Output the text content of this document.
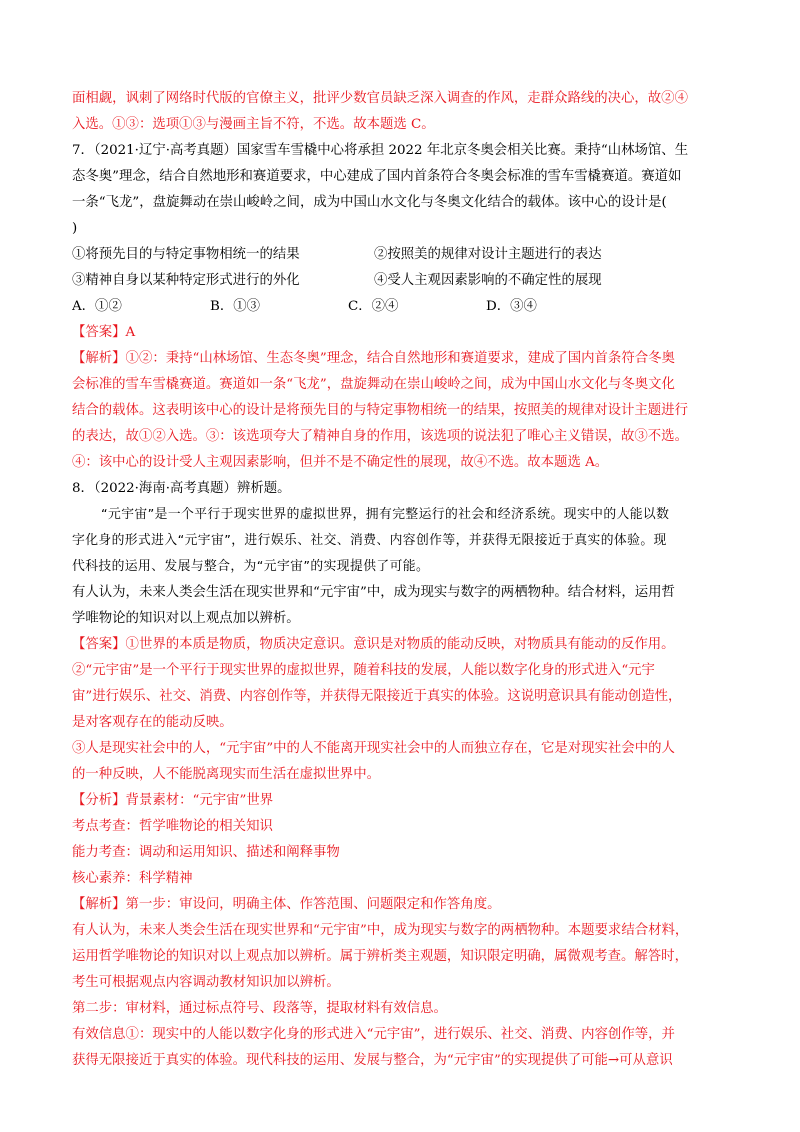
面相觑，讽刺了网络时代版的官僚主义，批评少数官员缺乏深入调查的作风，走群众路线的决心，故②④
入选。①③：选项①③与漫画主旨不符，不选。故本题选 C。
7．（2021·辽宁·高考真题）国家雪车雪橇中心将承担 2022 年北京冬奥会相关比赛。秉持“山林场馆、生
态冬奥”理念，结合自然地形和赛道要求，中心建成了国内首条符合冬奥会标准的雪车雪橇赛道。赛道如
一条“飞龙”，盘旋舞动在崇山峻岭之间，成为中国山水文化与冬奥文化结合的载体。该中心的设计是(
)
①将预先目的与特定事物相统一的结果	②按照美的规律对设计主题进行的表达
③精神自身以某种特定形式进行的外化	④受人主观因素影响的不确定性的展现
A．①②	B．①③	C．②④	D．③④
【答案】A
【解析】①②：秉持“山林场馆、生态冬奥”理念，结合自然地形和赛道要求，建成了国内首条符合冬奥
会标准的雪车雪橇赛道。赛道如一条“飞龙”，盘旋舞动在崇山峻岭之间，成为中国山水文化与冬奥文化
结合的载体。这表明该中心的设计是将预先目的与特定事物相统一的结果，按照美的规律对设计主题进行
的表达，故①②入选。③：该选项夸大了精神自身的作用，该选项的说法犯了唯心主义错误，故③不选。
④：该中心的设计受人主观因素影响，但并不是不确定性的展现，故④不选。故本题选 A。
8．（2022·海南·高考真题）辨析题。
“元宇宙”是一个平行于现实世界的虚拟世界，拥有完整运行的社会和经济系统。现实中的人能以数
字化身的形式进入“元宇宙”，进行娱乐、社交、消费、内容创作等，并获得无限接近于真实的体验。现
代科技的运用、发展与整合，为“元宇宙”的实现提供了可能。
有人认为，未来人类会生活在现实世界和“元宇宙”中，成为现实与数字的两栖物种。结合材料，运用哲
学唯物论的知识对以上观点加以辨析。
【答案】①世界的本质是物质，物质决定意识。意识是对物质的能动反映，对物质具有能动的反作用。
②“元宇宙”是一个平行于现实世界的虚拟世界，随着科技的发展，人能以数字化身的形式进入“元宇
宙”进行娱乐、社交、消费、内容创作等，并获得无限接近于真实的体验。这说明意识具有能动创造性，
是对客观存在的能动反映。
③人是现实社会中的人，“元宇宙”中的人不能离开现实社会中的人而独立存在，它是对现实社会中的人
的一种反映，人不能脱离现实而生活在虚拟世界中。
【分析】背景素材：“元宇宙”世界
考点考查：哲学唯物论的相关知识
能力考查：调动和运用知识、描述和阐释事物
核心素养：科学精神
【解析】第一步：审设问，明确主体、作答范围、问题限定和作答角度。
有人认为，未来人类会生活在现实世界和“元宇宙”中，成为现实与数字的两栖物种。本题要求结合材料，
运用哲学唯物论的知识对以上观点加以辨析。属于辨析类主观题，知识限定明确，属微观考查。解答时，
考生可根据观点内容调动教材知识加以辨析。
第二步：审材料，通过标点符号、段落等，提取材料有效信息。
有效信息①：现实中的人能以数字化身的形式进入“元宇宙”，进行娱乐、社交、消费、内容创作等，并
获得无限接近于真实的体验。现代科技的运用、发展与整合，为“元宇宙”的实现提供了可能→可从意识
